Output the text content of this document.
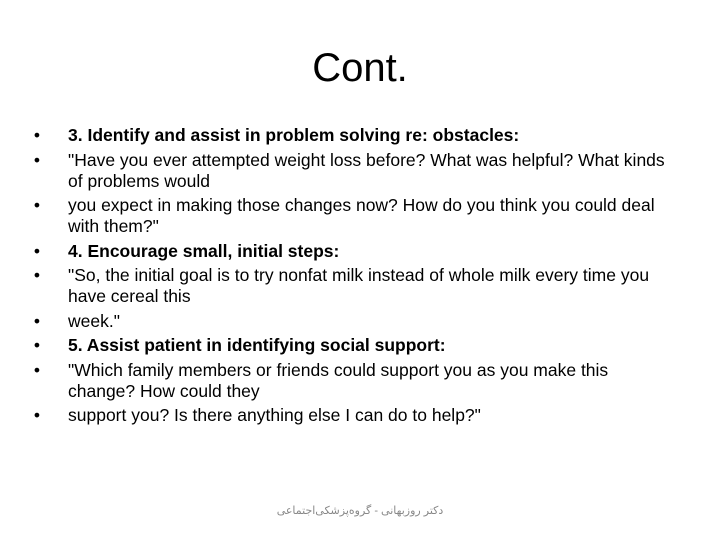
Cont.
• 3. Identify and assist in problem solving re: obstacles:
• "Have you ever attempted weight loss before? What was helpful? What kinds of problems would
• you expect in making those changes now? How do you think you could deal with them?"
• 4. Encourage small, initial steps:
• "So, the initial goal is to try nonfat milk instead of whole milk every time you have cereal this
• week."
• 5. Assist patient in identifying social support:
• "Which family members or friends could support you as you make this change? How could they
• support you? Is there anything else I can do to help?"
دکتر روزبهانی - گروه‌پزشکی‌اجتماعی
